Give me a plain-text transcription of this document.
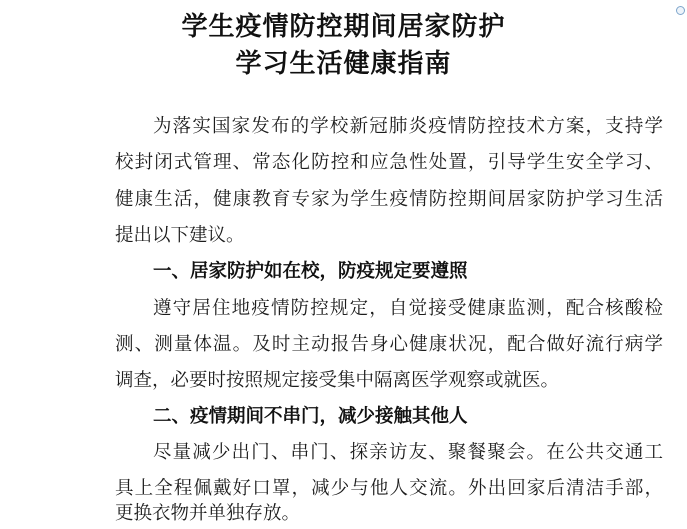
学生疫情防控期间居家防护
学习生活健康指南
为落实国家发布的学校新冠肺炎疫情防控技术方案，支持学
校封闭式管理、常态化防控和应急性处置，引导学生安全学习、
健康生活，健康教育专家为学生疫情防控期间居家防护学习生活
提出以下建议。
一、居家防护如在校，防疫规定要遵照
遵守居住地疫情防控规定，自觉接受健康监测，配合核酸检
测、测量体温。及时主动报告身心健康状况，配合做好流行病学
调查，必要时按照规定接受集中隔离医学观察或就医。
二、疫情期间不串门，减少接触其他人
尽量减少出门、串门、探亲访友、聚餐聚会。在公共交通工
具上全程佩戴好口罩，减少与他人交流。外出回家后清洁手部，
更换衣物并单独存放。
